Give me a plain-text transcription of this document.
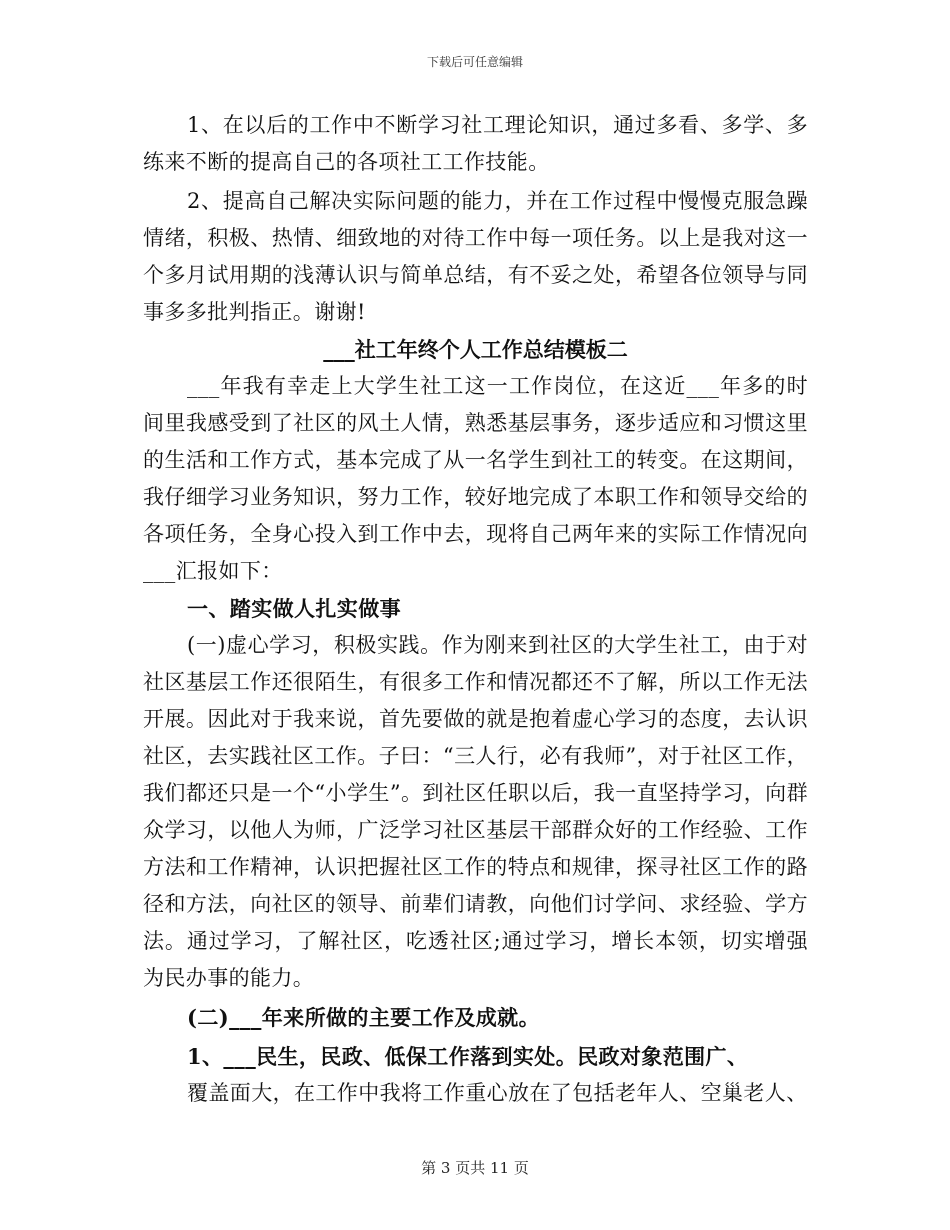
下载后可任意编辑

1、在以后的工作中不断学习社工理论知识，通过多看、多学、多练来不断的提高自己的各项社工工作技能。

2、提高自己解决实际问题的能力，并在工作过程中慢慢克服急躁情绪，积极、热情、细致地的对待工作中每一项任务。以上是我对这一个多月试用期的浅薄认识与简单总结，有不妥之处，希望各位领导与同事多多批判指正。谢谢!

___社工年终个人工作总结模板二

___年我有幸走上大学生社工这一工作岗位，在这近___年多的时间里我感受到了社区的风土人情，熟悉基层事务，逐步适应和习惯这里的生活和工作方式，基本完成了从一名学生到社工的转变。在这期间，我仔细学习业务知识，努力工作，较好地完成了本职工作和领导交给的各项任务，全身心投入到工作中去，现将自己两年来的实际工作情况向___汇报如下：

一、踏实做人扎实做事

(一)虚心学习，积极实践。作为刚来到社区的大学生社工，由于对社区基层工作还很陌生，有很多工作和情况都还不了解，所以工作无法开展。因此对于我来说，首先要做的就是抱着虚心学习的态度，去认识社区，去实践社区工作。子曰：“三人行，必有我师”，对于社区工作，我们都还只是一个“小学生”。到社区任职以后，我一直坚持学习，向群众学习，以他人为师，广泛学习社区基层干部群众好的工作经验、工作方法和工作精神，认识把握社区工作的特点和规律，探寻社区工作的路径和方法，向社区的领导、前辈们请教，向他们讨学问、求经验、学方法。通过学习，了解社区，吃透社区;通过学习，增长本领，切实增强为民办事的能力。

(二)___年来所做的主要工作及成就。

1、___民生，民政、低保工作落到实处。民政对象范围广、

覆盖面大，在工作中我将工作重心放在了包括老年人、空巢老人、

第 3 页共 11 页
